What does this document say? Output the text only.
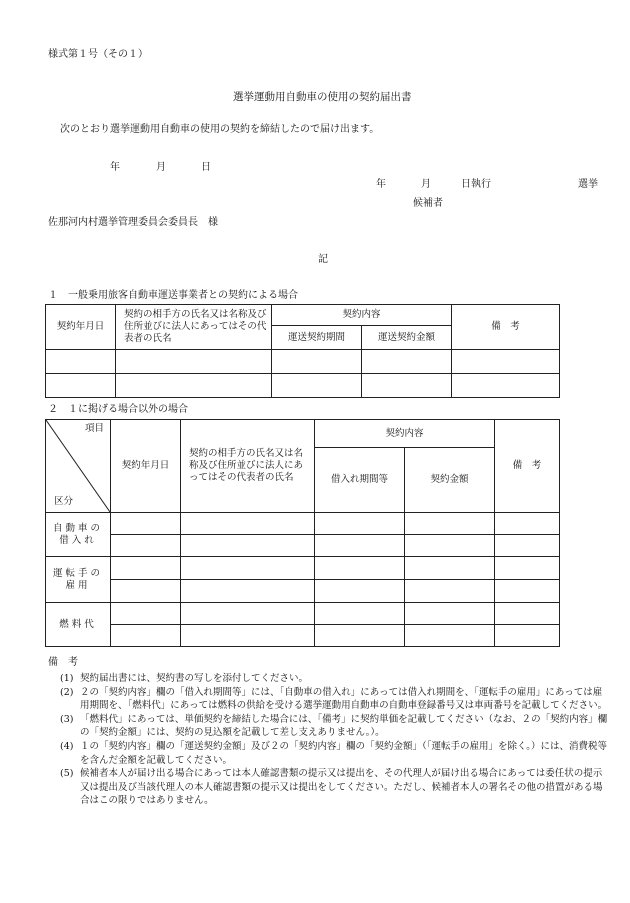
様式第１号（その１）
選挙運動用自動車の使用の契約届出書
次のとおり選挙運動用自動車の使用の契約を締結したので届け出ます。
年	月	日
年	月	日執行	選挙
候補者
佐那河内村選挙管理委員会委員長　様
記
１　一般乗用旅客自動車運送事業者との契約による場合
契約年月日	契約の相手方の氏名又は名称及び住所並びに法人にあってはその代表者の氏名	契約内容		備　考
		運送契約期間	運送契約金額	

２　１に掲げる場合以外の場合
項目
区分	契約年月日	契約の相手方の氏名又は名称及び住所並びに法人にあってはその代表者の氏名	契約内容		備　考
			借入れ期間等	契約金額	
自動車の借入れ					

運転手の雇用					

燃料代					

備　考
(1) 契約届出書には、契約書の写しを添付してください。
(2) ２の「契約内容」欄の「借入れ期間等」には、「自動車の借入れ」にあっては借入れ期間を、「運転手の雇用」にあっては雇用期間を、「燃料代」にあっては燃料の供給を受ける選挙運動用自動車の自動車登録番号又は車両番号を記載してください。
(3) 「燃料代」にあっては、単価契約を締結した場合には、「備考」に契約単価を記載してください（なお、２の「契約内容」欄の「契約金額」には、契約の見込額を記載して差し支えありません。）。
(4) １の「契約内容」欄の「運送契約金額」及び２の「契約内容」欄の「契約金額」（「運転手の雇用」を除く。）には、消費税等を含んだ金額を記載してください。
(5) 候補者本人が届け出る場合にあっては本人確認書類の提示又は提出を、その代理人が届け出る場合にあっては委任状の提示又は提出及び当該代理人の本人確認書類の提示又は提出をしてください。ただし、候補者本人の署名その他の措置がある場合はこの限りではありません。
